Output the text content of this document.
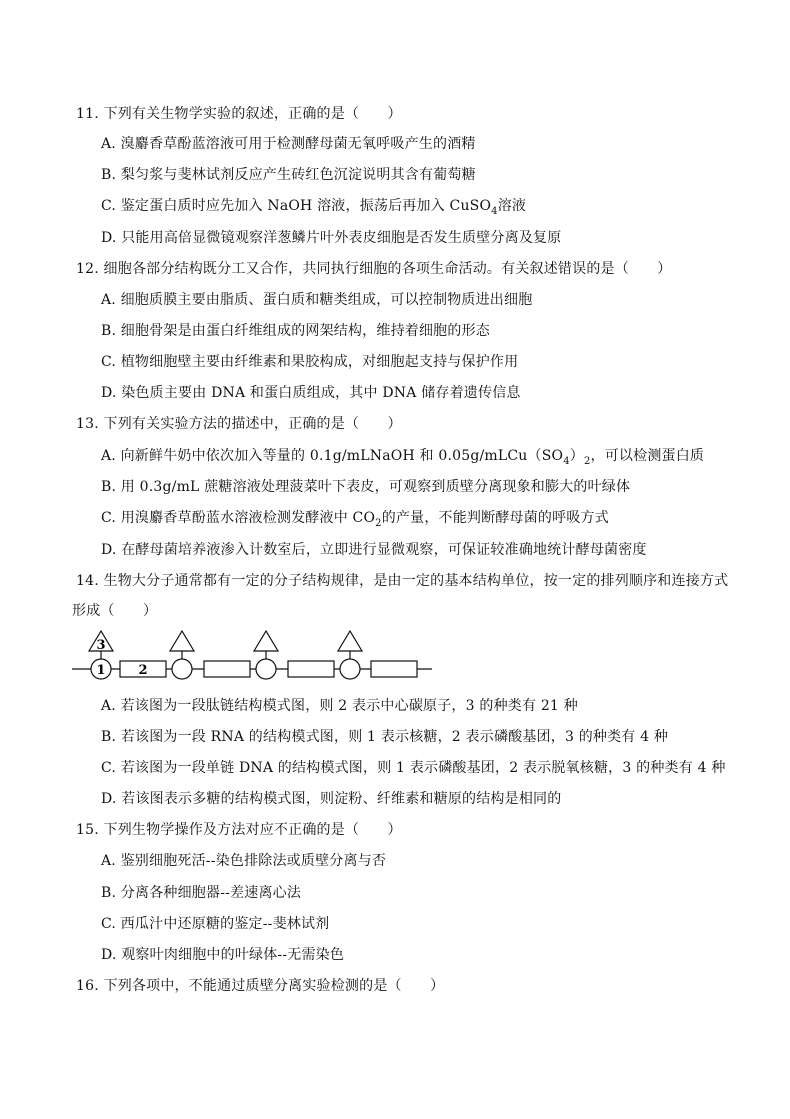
11. 下列有关生物学实验的叙述，正确的是（　　）
A. 溴麝香草酚蓝溶液可用于检测酵母菌无氧呼吸产生的酒精
B. 梨匀浆与斐林试剂反应产生砖红色沉淀说明其含有葡萄糖
C. 鉴定蛋白质时应先加入 NaOH 溶液，振荡后再加入 CuSO$_4$溶液
D. 只能用高倍显微镜观察洋葱鳞片叶外表皮细胞是否发生质壁分离及复原
12. 细胞各部分结构既分工又合作，共同执行细胞的各项生命活动。有关叙述错误的是（　　）
A. 细胞质膜主要由脂质、蛋白质和糖类组成，可以控制物质进出细胞
B. 细胞骨架是由蛋白纤维组成的网架结构，维持着细胞的形态
C. 植物细胞壁主要由纤维素和果胶构成，对细胞起支持与保护作用
D. 染色质主要由 DNA 和蛋白质组成，其中 DNA 储存着遗传信息
13. 下列有关实验方法的描述中，正确的是（　　）
A. 向新鲜牛奶中依次加入等量的 0.1g/mLNaOH 和 $0.05g/mLCu(SO_4)_2$，可以检测蛋白质
B. 用 0.3g/mL 蔗糖溶液处理菠菜叶下表皮，可观察到质壁分离现象和膨大的叶绿体
C. 用溴麝香草酚蓝水溶液检测发酵液中 $CO_2$的产量，不能判断酵母菌的呼吸方式
D. 在酵母菌培养液渗入计数室后，立即进行显微观察，可保证较准确地统计酵母菌密度
14. 生物大分子通常都有一定的分子结构规律，是由一定的基本结构单位，按一定的排列顺序和连接方式
形成（　　）
3
1	2
A. 若该图为一段肽链结构模式图，则 2 表示中心碳原子，3 的种类有 21 种
B. 若该图为一段 RNA 的结构模式图，则 1 表示核糖，2 表示磷酸基团，3 的种类有 4 种
C. 若该图为一段单链 DNA 的结构模式图，则 1 表示磷酸基团，2 表示脱氧核糖，3 的种类有 4 种
D. 若该图表示多糖的结构模式图，则淀粉、纤维素和糖原的结构是相同的
15. 下列生物学操作及方法对应不正确的是（　　）
A. 鉴别细胞死活--染色排除法或质壁分离与否
B. 分离各种细胞器--差速离心法
C. 西瓜汁中还原糖的鉴定--斐林试剂
D. 观察叶肉细胞中的叶绿体--无需染色
16. 下列各项中，不能通过质壁分离实验检测的是（　　）
